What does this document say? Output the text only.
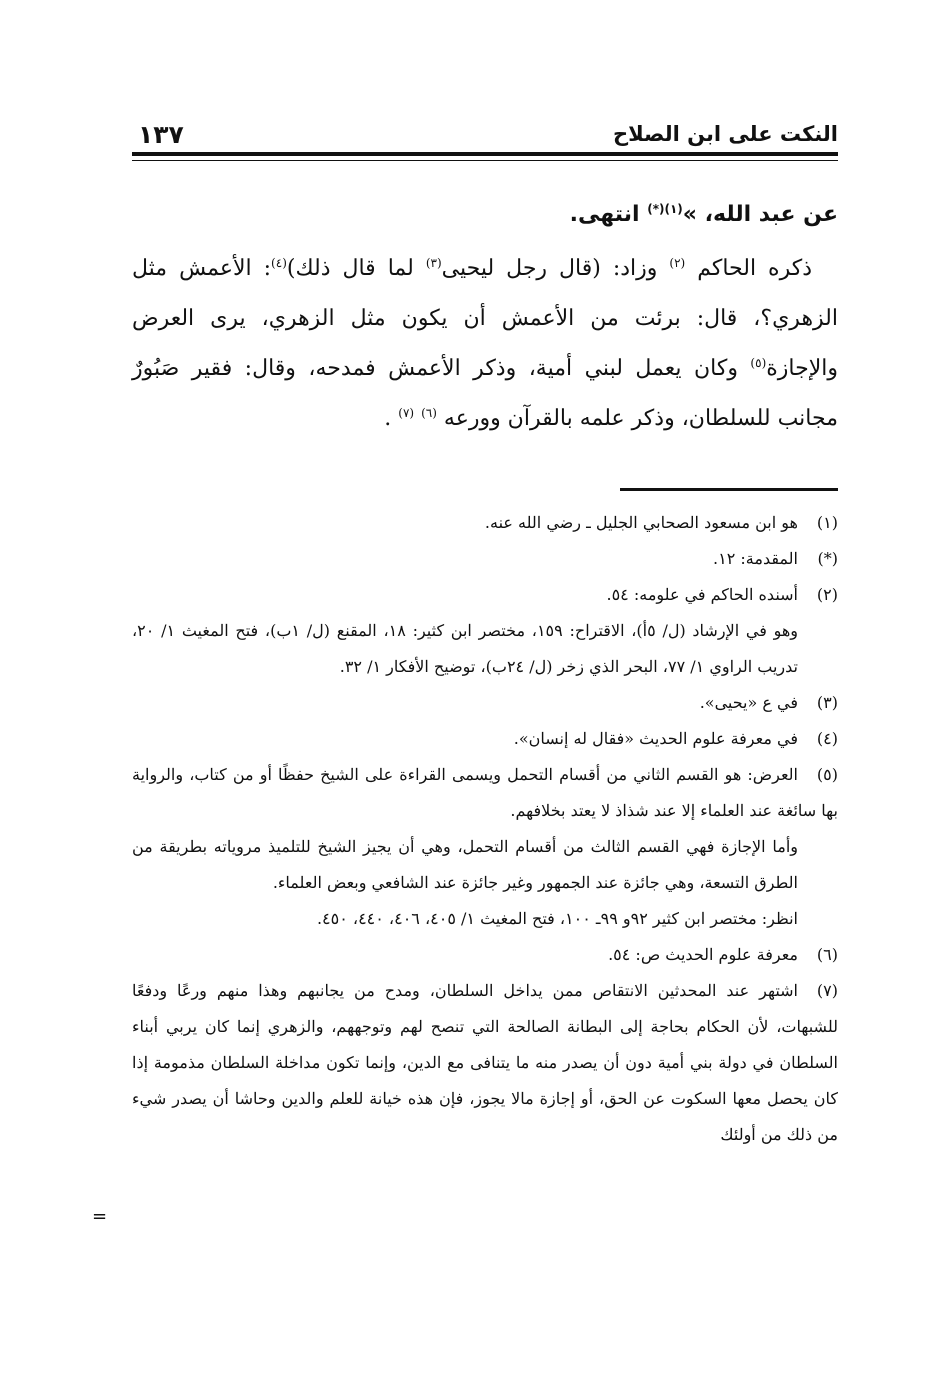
النكت على ابن الصلاح
١٣٧

عن عبد الله، »$^{(١)(*)}$ انتهى.

ذكره الحاكم $^{(٢)}$ وزاد: (قال رجل ليحيى$^{(٣)}$ لما قال ذلك)$^{(٤)}$: الأعمش مثل الزهري؟، قال: برئت من الأعمش أن يكون مثل الزهري، يرى العرض والإجازة$^{(٥)}$ وكان يعمل لبني أمية، وذكر الأعمش فمدحه، وقال: فقير صَبُورٌ مجانب للسلطان، وذكر علمه بالقرآن وورعه $^{(٦)}$ $^{(٧)}$ .

(١)هو ابن مسعود الصحابي الجليل ـ رضي الله عنه.

(*)المقدمة: ١٢.

(٢)أسنده الحاكم في علومه: ٥٤.

وهو في الإرشاد (ل/ ٥أ)، الاقتراح: ١٥٩، مختصر ابن كثير: ١٨، المقنع (ل/ ١ب)، فتح المغيث ١/ ٢٠، تدريب الراوي ١/ ٧٧، البحر الذي زخر (ل/ ٢٤ب)، توضيح الأفكار ١/ ٣٢.

(٣)في ع «يحيى».

(٤)في معرفة علوم الحديث «فقال له إنسان».

(٥)العرض: هو القسم الثاني من أقسام التحمل ويسمى القراءة على الشيخ حفظًا أو من كتاب، والرواية بها سائغة عند العلماء إلا عند شذاذ لا يعتد بخلافهم.

وأما الإجازة فهي القسم الثالث من أقسام التحمل، وهي أن يجيز الشيخ للتلميذ مروياته بطريقة من الطرق التسعة، وهي جائزة عند الجمهور وغير جائزة عند الشافعي وبعض العلماء.

انظر: مختصر ابن كثير ٩٢و ٩٩ـ ١٠٠، فتح المغيث ١/ ٤٠٥، ٤٠٦، ٤٤٠، ٤٥٠.

(٦)معرفة علوم الحديث ص: ٥٤.

(٧)اشتهر عند المحدثين الانتقاص ممن يداخل السلطان، ومدح من يجانبهم وهذا منهم ورعًا ودفعًا للشبهات، لأن الحكام بحاجة إلى البطانة الصالحة التي تنصح لهم وتوجههم، والزهري إنما كان يربي أبناء السلطان في دولة بني أمية دون أن يصدر منه ما يتنافى مع الدين، وإنما تكون مداخلة السلطان مذمومة إذا كان يحصل معها السكوت عن الحق، أو إجازة مالا يجوز، فإن هذه خيانة للعلم والدين وحاشا أن يصدر شيء من ذلك من أولئك

=
